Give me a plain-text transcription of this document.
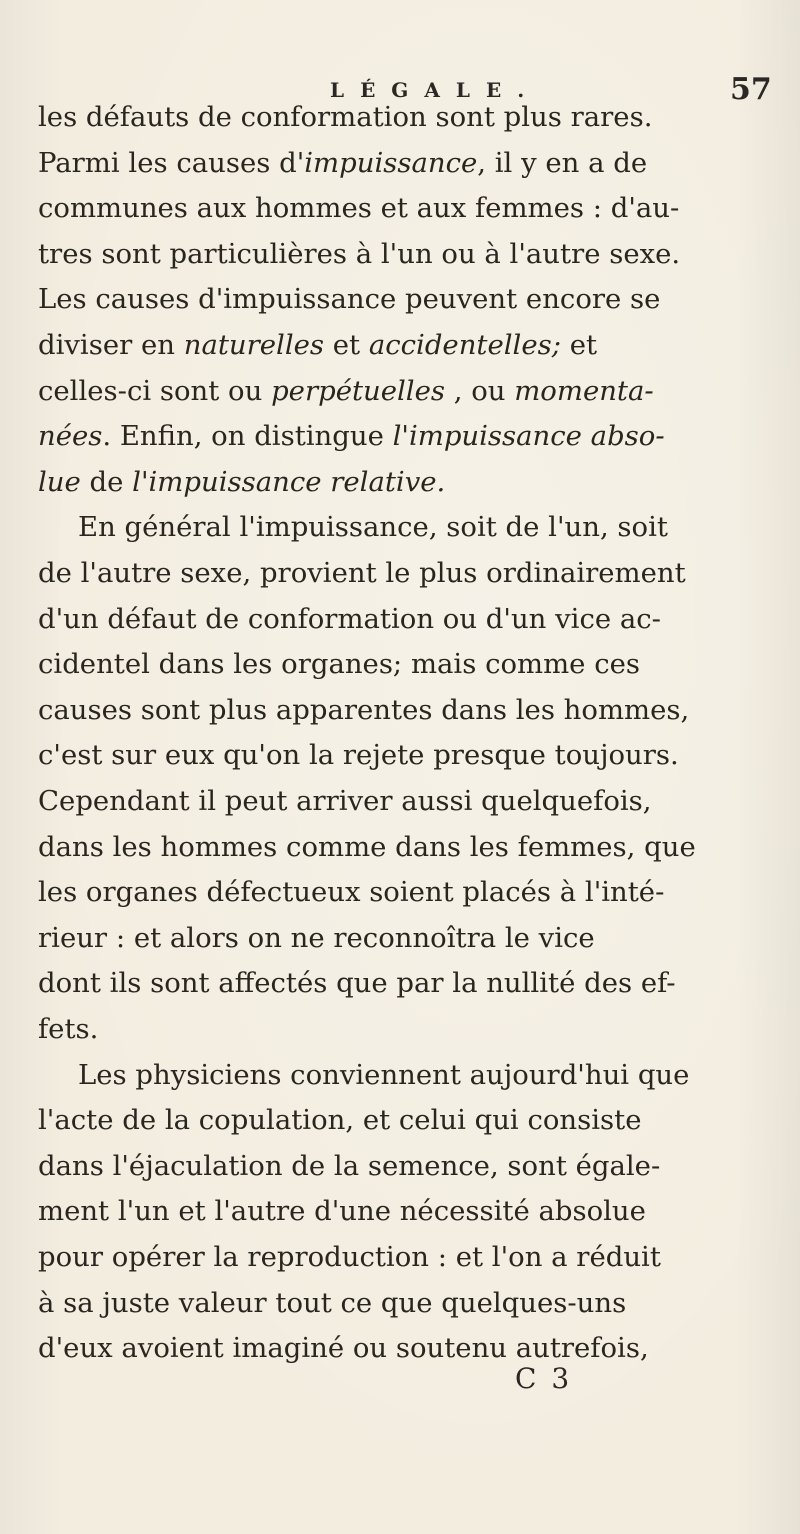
LÉGALE.	57
les défauts de conformation sont plus rares.
Parmi les causes d'impuissance, il y en a de
communes aux hommes et aux femmes : d'au-
tres sont particulières à l'un ou à l'autre sexe.
Les causes d'impuissance peuvent encore se
diviser en naturelles et accidentelles; et
celles-ci sont ou perpétuelles , ou momenta-
nées. Enfin, on distingue l'impuissance abso-
lue de l'impuissance relative.
En général l'impuissance, soit de l'un, soit
de l'autre sexe, provient le plus ordinairement
d'un défaut de conformation ou d'un vice ac-
cidentel dans les organes; mais comme ces
causes sont plus apparentes dans les hommes,
c'est sur eux qu'on la rejete presque toujours.
Cependant il peut arriver aussi quelquefois,
dans les hommes comme dans les femmes, que
les organes défectueux soient placés à l'inté-
rieur : et alors on ne reconnoîtra le vice
dont ils sont affectés que par la nullité des ef-
fets.
Les physiciens conviennent aujourd'hui que
l'acte de la copulation, et celui qui consiste
dans l'éjaculation de la semence, sont égale-
ment l'un et l'autre d'une nécessité absolue
pour opérer la reproduction : et l'on a réduit
à sa juste valeur tout ce que quelques-uns
d'eux avoient imaginé ou soutenu autrefois,
C 3
